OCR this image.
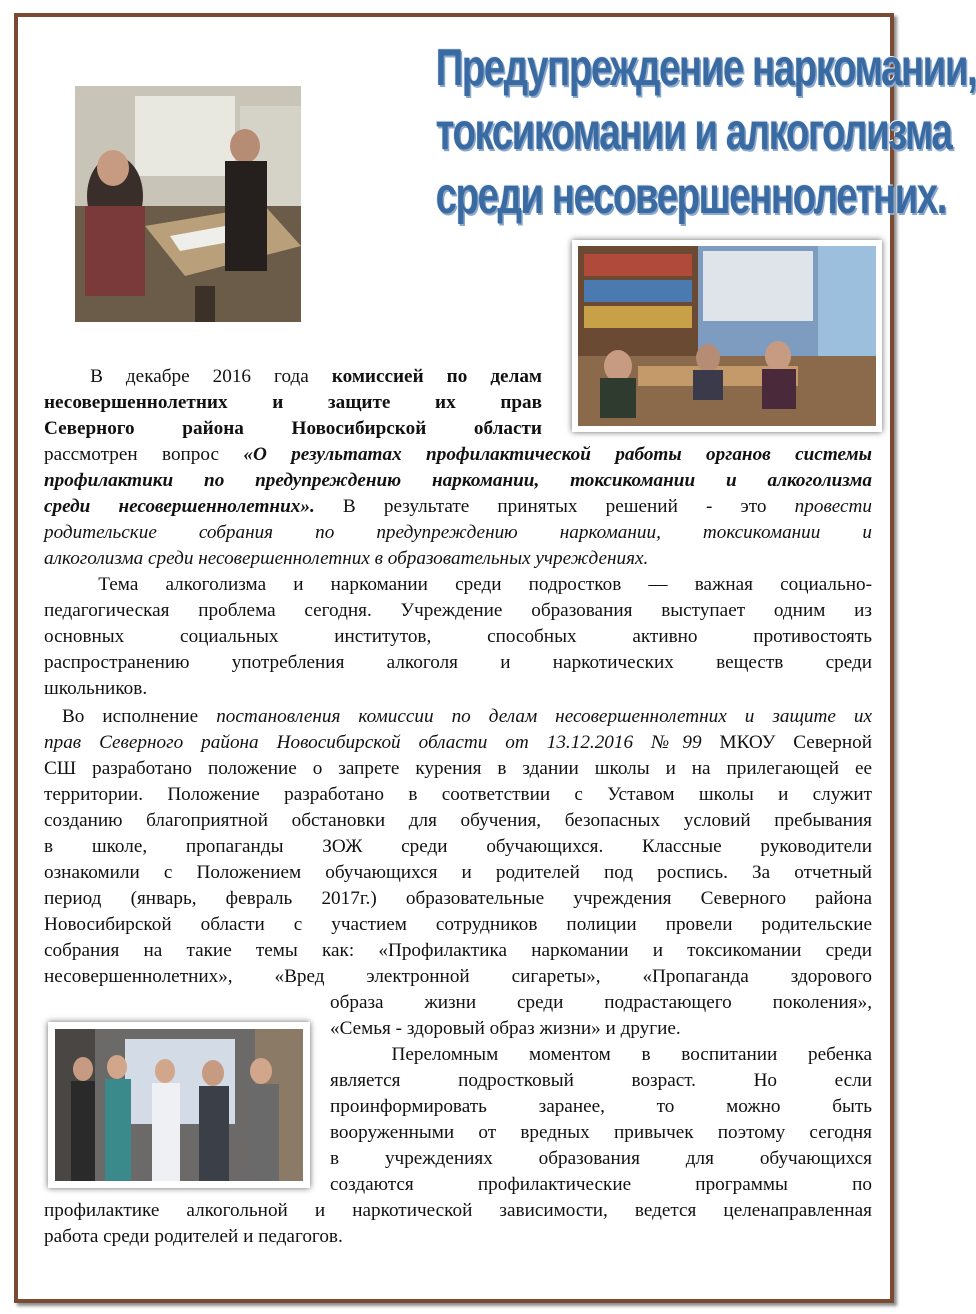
Предупреждение наркомании,
токсикомании и алкоголизма
среди несовершеннолетних.
В декабре 2016 года комиссией по делам
несовершеннолетних и защите их прав
Северного района Новосибирской области
рассмотрен вопрос «О результатах профилактической работы органов системы
профилактики по предупреждению наркомании, токсикомании и алкоголизма
среди несовершеннолетних». В результате принятых решений - это провести
родительские собрания по предупреждению наркомании, токсикомании и
алкоголизма среди несовершеннолетних в образовательных учреждениях.
Тема алкоголизма и наркомании среди подростков — важная социально-
педагогическая проблема сегодня. Учреждение образования выступает одним из
основных социальных институтов, способных активно противостоять
распространению употребления алкоголя и наркотических веществ среди
школьников.
Во исполнение постановления комиссии по делам несовершеннолетних и защите их
прав Северного района Новосибирской области от 13.12.2016 №99 МКОУ Северной
СШ разработано положение о запрете курения в здании школы и на прилегающей ее
территории. Положение разработано в соответствии с Уставом школы и служит
созданию благоприятной обстановки для обучения, безопасных условий пребывания
в школе, пропаганды ЗОЖ среди обучающихся. Классные руководители
ознакомили с Положением обучающихся и родителей под роспись. За отчетный
период (январь, февраль 2017г.) образовательные учреждения Северного района
Новосибирской области с участием сотрудников полиции провели родительские
собрания на такие темы как: «Профилактика наркомании и токсикомании среди
несовершеннолетних», «Вред электронной сигареты», «Пропаганда здорового
образа жизни среди подрастающего поколения»,
«Семья - здоровый образ жизни» и другие.
Переломным моментом в воспитании ребенка
является подростковый возраст. Но если
проинформировать заранее, то можно быть
вооруженными от вредных привычек поэтому сегодня
в учреждениях образования для обучающихся
создаются профилактические программы по
профилактике алкогольной и наркотической зависимости, ведется целенаправленная
работа среди родителей и педагогов.
